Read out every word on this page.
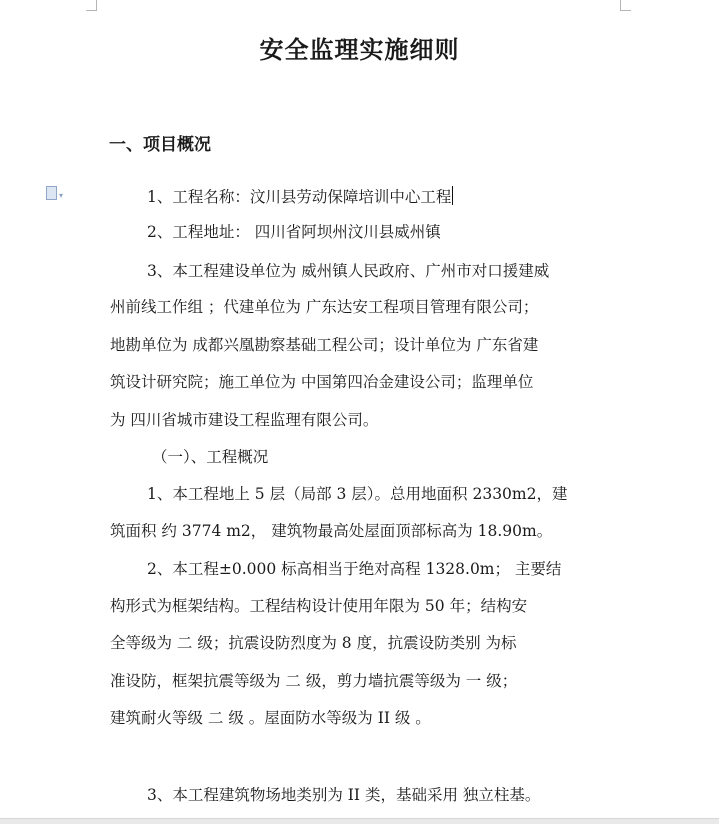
安全监理实施细则
一、项目概况
▾	1、工程名称：汶川县劳动保障培训中心工程
2、工程地址： 四川省阿坝州汶川县威州镇
3、本工程建设单位为 威州镇人民政府、广州市对口援建威
州前线工作组 ；代建单位为 广东达安工程项目管理有限公司；
地勘单位为 成都兴凰勘察基础工程公司；设计单位为 广东省建
筑设计研究院；施工单位为 中国第四冶金建设公司；监理单位
为 四川省城市建设工程监理有限公司。
（一）、工程概况
1、本工程地上 5 层（局部 3 层）。总用地面积 2330m2，建
筑面积 约 3774 m2， 建筑物最高处屋面顶部标高为 18.90m。
2、本工程±0.000 标高相当于绝对高程 1328.0m； 主要结
构形式为框架结构。工程结构设计使用年限为 50 年；结构安
全等级为 二 级；抗震设防烈度为 8 度，抗震设防类别 为标
准设防，框架抗震等级为 二 级，剪力墙抗震等级为 一 级；
建筑耐火等级 二 级 。屋面防水等级为 II 级 。
3、本工程建筑物场地类别为 II 类，基础采用 独立柱基。
